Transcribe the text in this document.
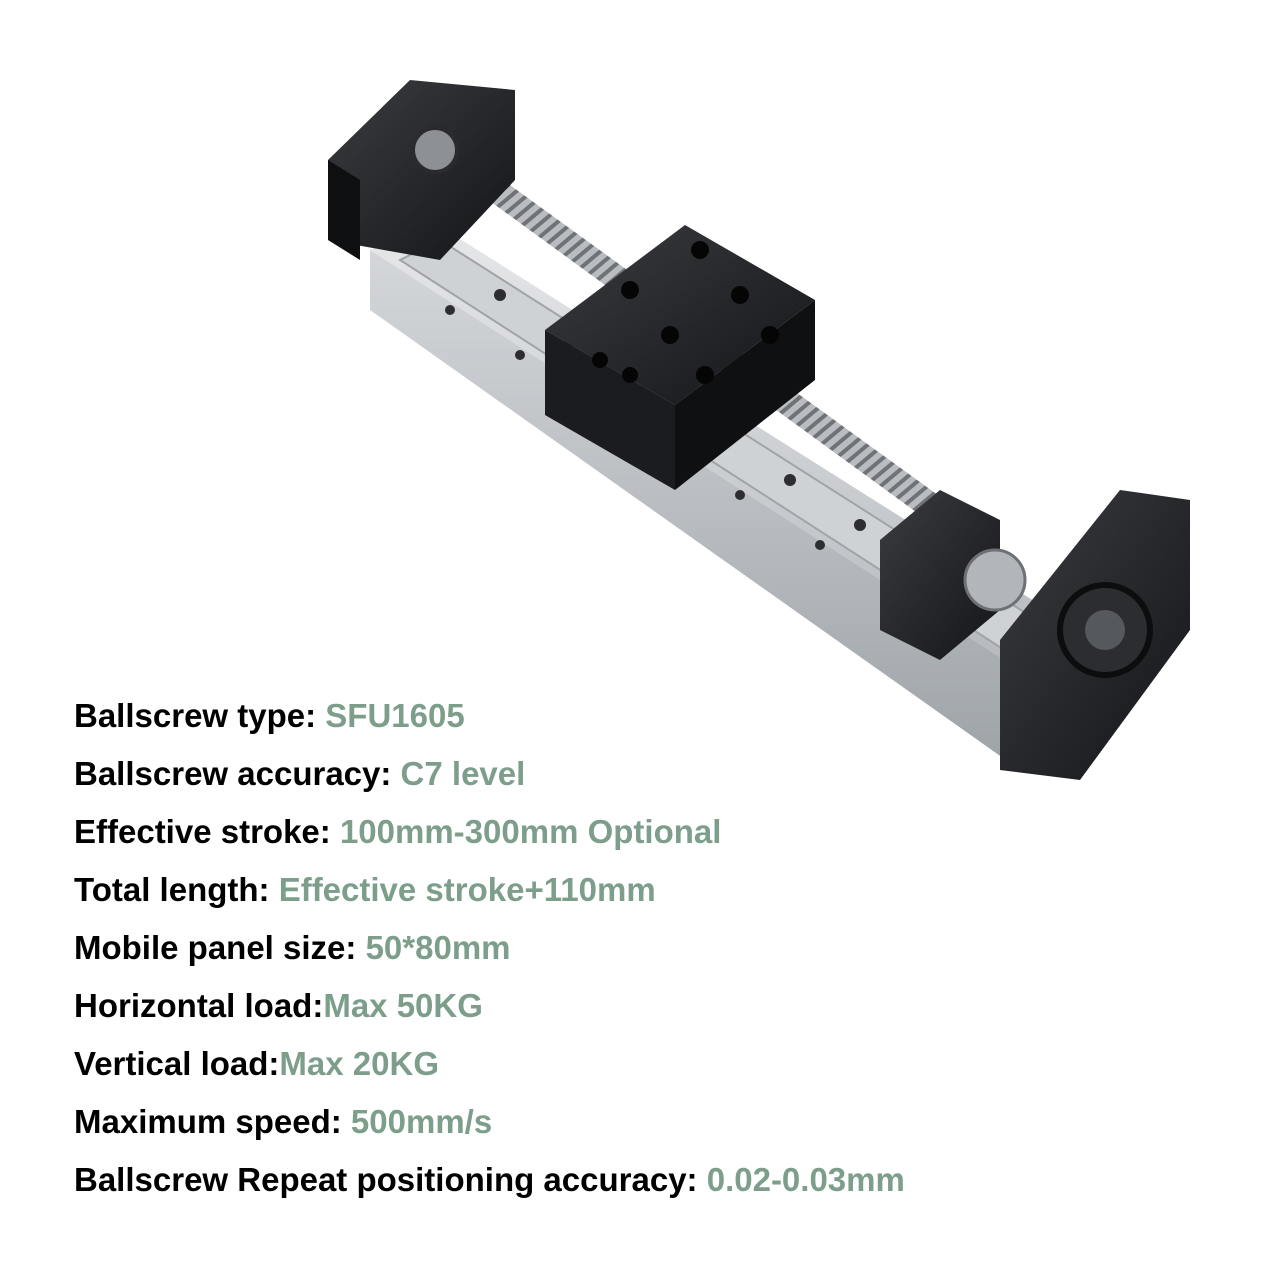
Ballscrew type: SFU1605
Ballscrew accuracy: C7 level
Effective stroke: 100mm-300mm Optional
Total length: Effective stroke+110mm
Mobile panel size: 50*80mm
Horizontal load:Max 50KG
Vertical load:Max 20KG
Maximum speed: 500mm/s
Ballscrew Repeat positioning accuracy: 0.02-0.03mm
